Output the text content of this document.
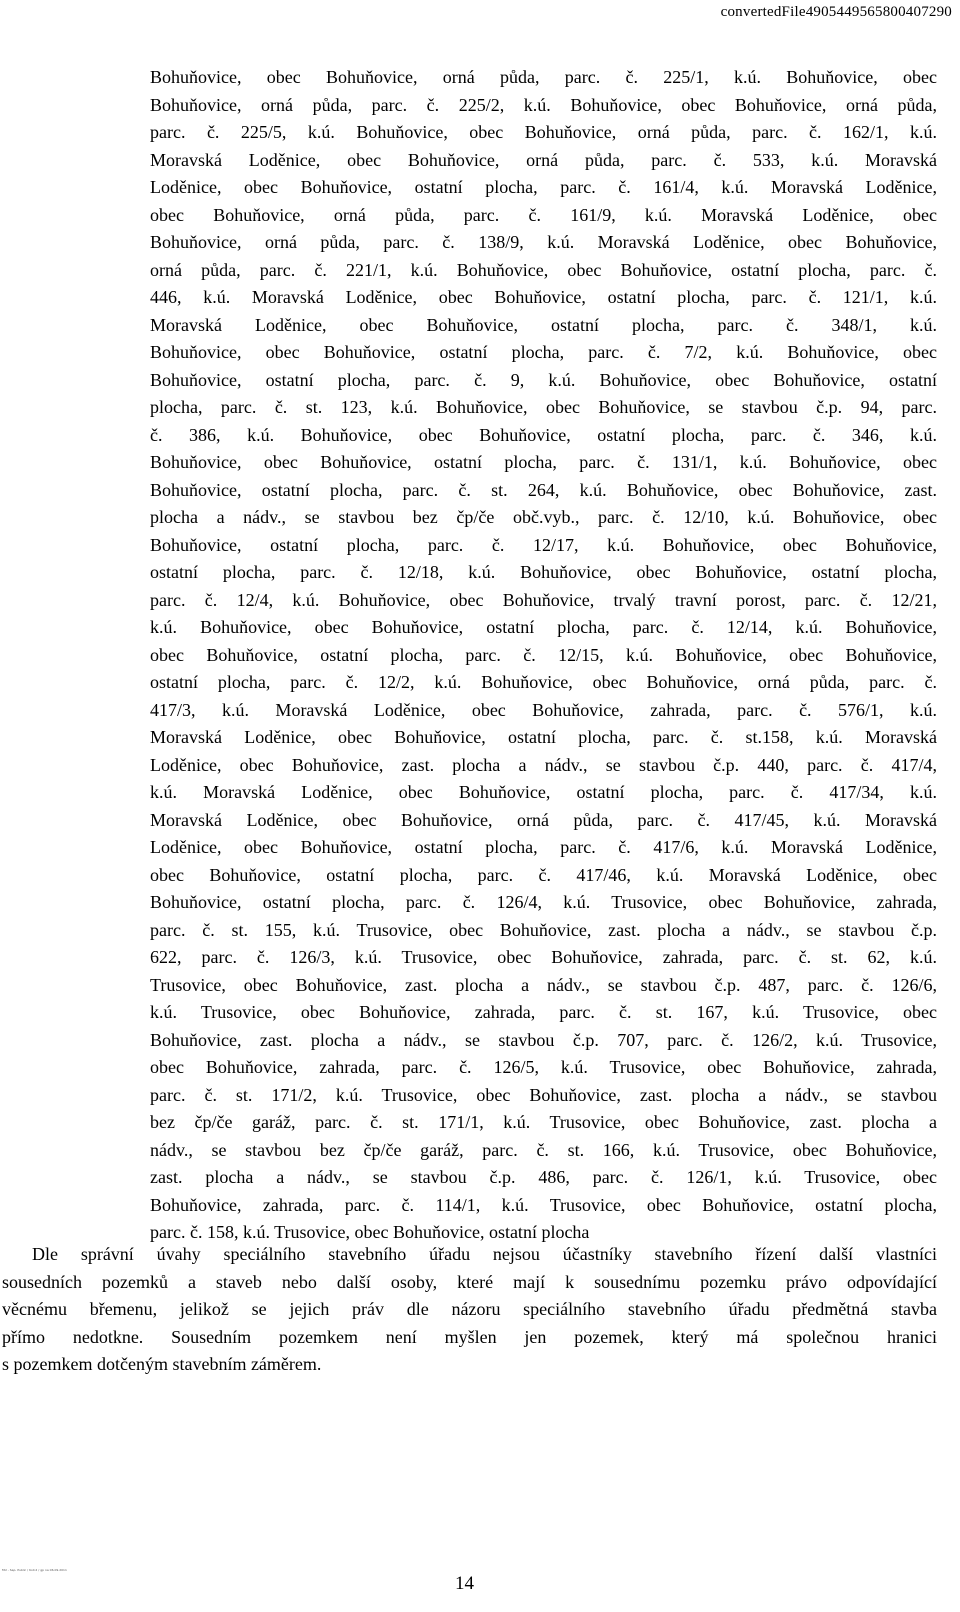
convertedFile4905449565800407290
Bohuňovice, obec Bohuňovice, orná půda, parc. č. 225/1, k.ú. Bohuňovice, obec
Bohuňovice, orná půda, parc. č. 225/2, k.ú. Bohuňovice, obec Bohuňovice, orná půda,
parc. č. 225/5, k.ú. Bohuňovice, obec Bohuňovice, orná půda, parc. č. 162/1, k.ú.
Moravská Loděnice, obec Bohuňovice, orná půda, parc. č. 533, k.ú. Moravská
Loděnice, obec Bohuňovice, ostatní plocha, parc. č. 161/4, k.ú. Moravská Loděnice,
obec Bohuňovice, orná půda, parc. č. 161/9, k.ú. Moravská Loděnice, obec
Bohuňovice, orná půda, parc. č. 138/9, k.ú. Moravská Loděnice, obec Bohuňovice,
orná půda, parc. č. 221/1, k.ú. Bohuňovice, obec Bohuňovice, ostatní plocha, parc. č.
446, k.ú. Moravská Loděnice, obec Bohuňovice, ostatní plocha, parc. č. 121/1, k.ú.
Moravská Loděnice, obec Bohuňovice, ostatní plocha, parc. č. 348/1, k.ú.
Bohuňovice, obec Bohuňovice, ostatní plocha, parc. č. 7/2, k.ú. Bohuňovice, obec
Bohuňovice, ostatní plocha, parc. č. 9, k.ú. Bohuňovice, obec Bohuňovice, ostatní
plocha, parc. č. st. 123, k.ú. Bohuňovice, obec Bohuňovice, se stavbou č.p. 94, parc.
č. 386, k.ú. Bohuňovice, obec Bohuňovice, ostatní plocha, parc. č. 346, k.ú.
Bohuňovice, obec Bohuňovice, ostatní plocha, parc. č. 131/1, k.ú. Bohuňovice, obec
Bohuňovice, ostatní plocha, parc. č. st. 264, k.ú. Bohuňovice, obec Bohuňovice, zast.
plocha a nádv., se stavbou bez čp/če obč.vyb., parc. č. 12/10, k.ú. Bohuňovice, obec
Bohuňovice, ostatní plocha, parc. č. 12/17, k.ú. Bohuňovice, obec Bohuňovice,
ostatní plocha, parc. č. 12/18, k.ú. Bohuňovice, obec Bohuňovice, ostatní plocha,
parc. č. 12/4, k.ú. Bohuňovice, obec Bohuňovice, trvalý travní porost, parc. č. 12/21,
k.ú. Bohuňovice, obec Bohuňovice, ostatní plocha, parc. č. 12/14, k.ú. Bohuňovice,
obec Bohuňovice, ostatní plocha, parc. č. 12/15, k.ú. Bohuňovice, obec Bohuňovice,
ostatní plocha, parc. č. 12/2, k.ú. Bohuňovice, obec Bohuňovice, orná půda, parc. č.
417/3, k.ú. Moravská Loděnice, obec Bohuňovice, zahrada, parc. č. 576/1, k.ú.
Moravská Loděnice, obec Bohuňovice, ostatní plocha, parc. č. st.158, k.ú. Moravská
Loděnice, obec Bohuňovice, zast. plocha a nádv., se stavbou č.p. 440, parc. č. 417/4,
k.ú. Moravská Loděnice, obec Bohuňovice, ostatní plocha, parc. č. 417/34, k.ú.
Moravská Loděnice, obec Bohuňovice, orná půda, parc. č. 417/45, k.ú. Moravská
Loděnice, obec Bohuňovice, ostatní plocha, parc. č. 417/6, k.ú. Moravská Loděnice,
obec Bohuňovice, ostatní plocha, parc. č. 417/46, k.ú. Moravská Loděnice, obec
Bohuňovice, ostatní plocha, parc. č. 126/4, k.ú. Trusovice, obec Bohuňovice, zahrada,
parc. č. st. 155, k.ú. Trusovice, obec Bohuňovice, zast. plocha a nádv., se stavbou č.p.
622, parc. č. 126/3, k.ú. Trusovice, obec Bohuňovice, zahrada, parc. č. st. 62, k.ú.
Trusovice, obec Bohuňovice, zast. plocha a nádv., se stavbou č.p. 487, parc. č. 126/6,
k.ú. Trusovice, obec Bohuňovice, zahrada, parc. č. st. 167, k.ú. Trusovice, obec
Bohuňovice, zast. plocha a nádv., se stavbou č.p. 707, parc. č. 126/2, k.ú. Trusovice,
obec Bohuňovice, zahrada, parc. č. 126/5, k.ú. Trusovice, obec Bohuňovice, zahrada,
parc. č. st. 171/2, k.ú. Trusovice, obec Bohuňovice, zast. plocha a nádv., se stavbou
bez čp/če garáž, parc. č. st. 171/1, k.ú. Trusovice, obec Bohuňovice, zast. plocha a
nádv., se stavbou bez čp/če garáž, parc. č. st. 166, k.ú. Trusovice, obec Bohuňovice,
zast. plocha a nádv., se stavbou č.p. 486, parc. č. 126/1, k.ú. Trusovice, obec
Bohuňovice, zahrada, parc. č. 114/1, k.ú. Trusovice, obec Bohuňovice, ostatní plocha,
parc. č. 158, k.ú. Trusovice, obec Bohuňovice, ostatní plocha
Dle správní úvahy speciálního stavebního úřadu nejsou účastníky stavebního řízení další vlastníci
sousedních pozemků a staveb nebo další osoby, které mají k sousednímu pozemku právo odpovídající
věcnému břemenu, jelikož se jejich práv dle názoru speciálního stavebního úřadu předmětná stavba
přímo nedotkne. Sousedním pozemkem není myšlen jen pozemek, který má společnou hranici
s pozemkem dotčeným stavebním záměrem.
MU - Sap. Public / Koll.2 / gp na 06.09.2011
14
